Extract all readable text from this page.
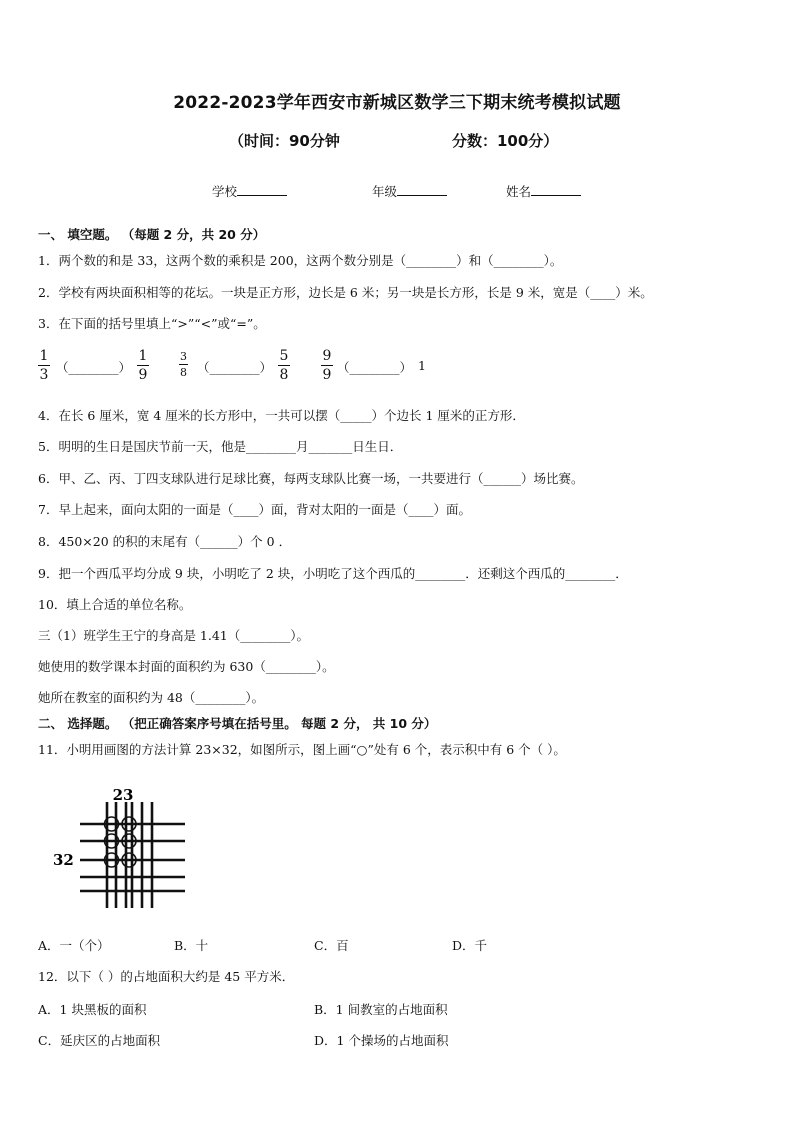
2022-2023学年西安市新城区数学三下期末统考模拟试题
（时间：90分钟	分数：100分）
学校	年级	姓名
一、 填空题。 （每题 2 分，共 20 分）
1．两个数的和是 33，这两个数的乘积是 200，这两个数分别是（________）和（________）。
2．学校有两块面积相等的花坛。一块是正方形，边长是 6 米；另一块是长方形，长是 9 米，宽是（____）米。
3．在下面的括号里填上“>”“<”或“=”。
1
3 （________）
1
9
3
8 （________）
5
8
9
9 （________） 1
4．在长 6 厘米，宽 4 厘米的长方形中，一共可以摆（_____）个边长 1 厘米的正方形．
5．明明的生日是国庆节前一天，他是________月_______日生日．
6．甲、乙、丙、丁四支球队进行足球比赛，每两支球队比赛一场，一共要进行（______）场比赛。
7．早上起来，面向太阳的一面是（____）面，背对太阳的一面是（____）面。
8．450×20 的积的末尾有（______）个 0 ．
9．把一个西瓜平均分成 9 块，小明吃了 2 块，小明吃了这个西瓜的________．还剩这个西瓜的________．
10．填上合适的单位名称。
三（1）班学生王宁的身高是 1.41（________）。
她使用的数学课本封面的面积约为 630（________）。
她所在教室的面积约为 48（________）。
二、 选择题。 （把正确答案序号填在括号里。 每题 2 分， 共 10 分）
11．小明用画图的方法计算 23×32，如图所示，图上画“○”处有 6 个，表示积中有 6 个（ ）。
23
32
A．一（个）	B．十	C．百	D．千
12．以下（ ）的占地面积大约是 45 平方米．
A．1 块黑板的面积	B．1 间教室的占地面积
C．延庆区的占地面积	D．1 个操场的占地面积
